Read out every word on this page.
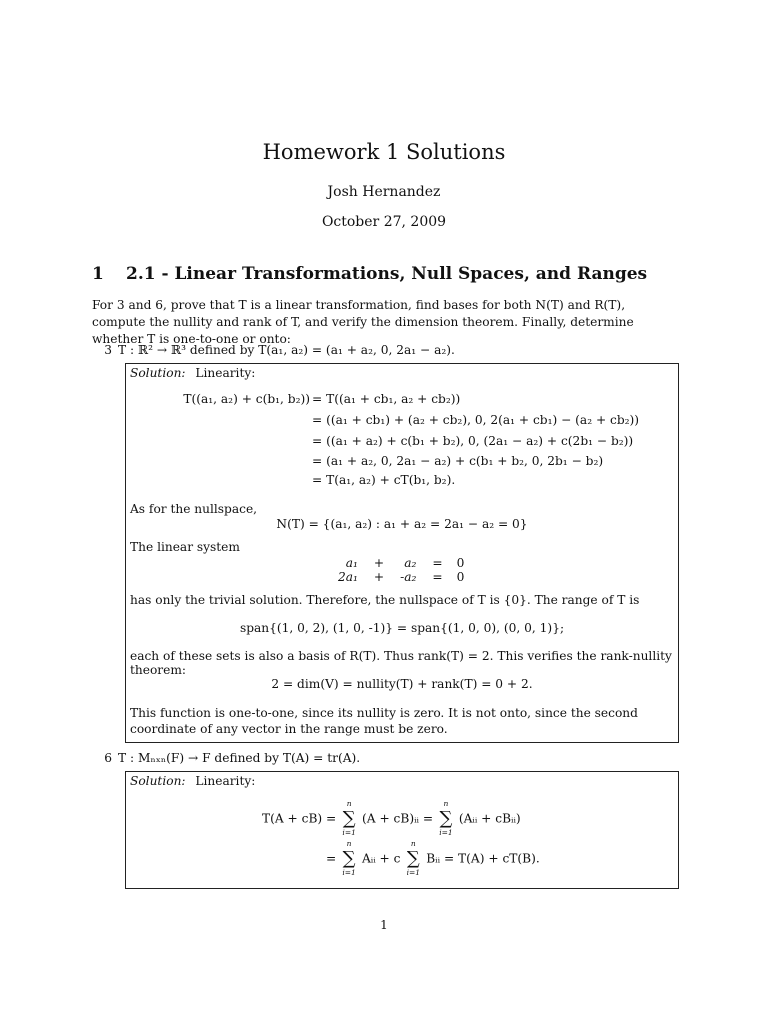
Homework 1 Solutions
Josh Hernandez
October 27, 2009
1 2.1 - Linear Transformations, Null Spaces, and Ranges
For 3 and 6, prove that T is a linear transformation, find bases for both N(T) and R(T), compute the nullity and rank of T, and verify the dimension theorem. Finally, determine whether T is one-to-one or onto:
3 T : ℝ² → ℝ³ defined by T(a₁, a₂) = (a₁ + a₂, 0, 2a₁ − a₂).
Solution: Linearity:
T((a₁, a₂) + c(b₁, b₂)) = T((a₁ + cb₁, a₂ + cb₂))
= ((a₁ + cb₁) + (a₂ + cb₂), 0, 2(a₁ + cb₁) − (a₂ + cb₂))
= ((a₁ + a₂) + c(b₁ + b₂), 0, (2a₁ − a₂) + c(2b₁ − b₂))
= (a₁ + a₂, 0, 2a₁ − a₂) + c(b₁ + b₂, 0, 2b₁ − b₂)
= T(a₁, a₂) + cT(b₁, b₂).
As for the nullspace,
N(T) = {(a₁, a₂) : a₁ + a₂ = 2a₁ − a₂ = 0}
The linear system
a₁	+	a₂	=	0
2a₁	+	-a₂	=	0
has only the trivial solution. Therefore, the nullspace of T is {0}. The range of T is
span{(1, 0, 2), (1, 0, -1)} = span{(1, 0, 0), (0, 0, 1)};
each of these sets is also a basis of R(T). Thus rank(T) = 2. This verifies the rank-nullity theorem:
2 = dim(V) = nullity(T) + rank(T) = 0 + 2.
This function is one-to-one, since its nullity is zero. It is not onto, since the second coordinate of any vector in the range must be zero.
6 T : Mₙₓₙ(F) → F defined by T(A) = tr(A).
Solution: Linearity:
T(A + cB) =
n
∑
i=1
(A + cB)ᵢᵢ =
n
∑
i=1
(Aᵢᵢ + cBᵢᵢ)
=
n
∑
i=1
Aᵢᵢ + c
n
∑
i=1
Bᵢᵢ = T(A) + cT(B).
1
